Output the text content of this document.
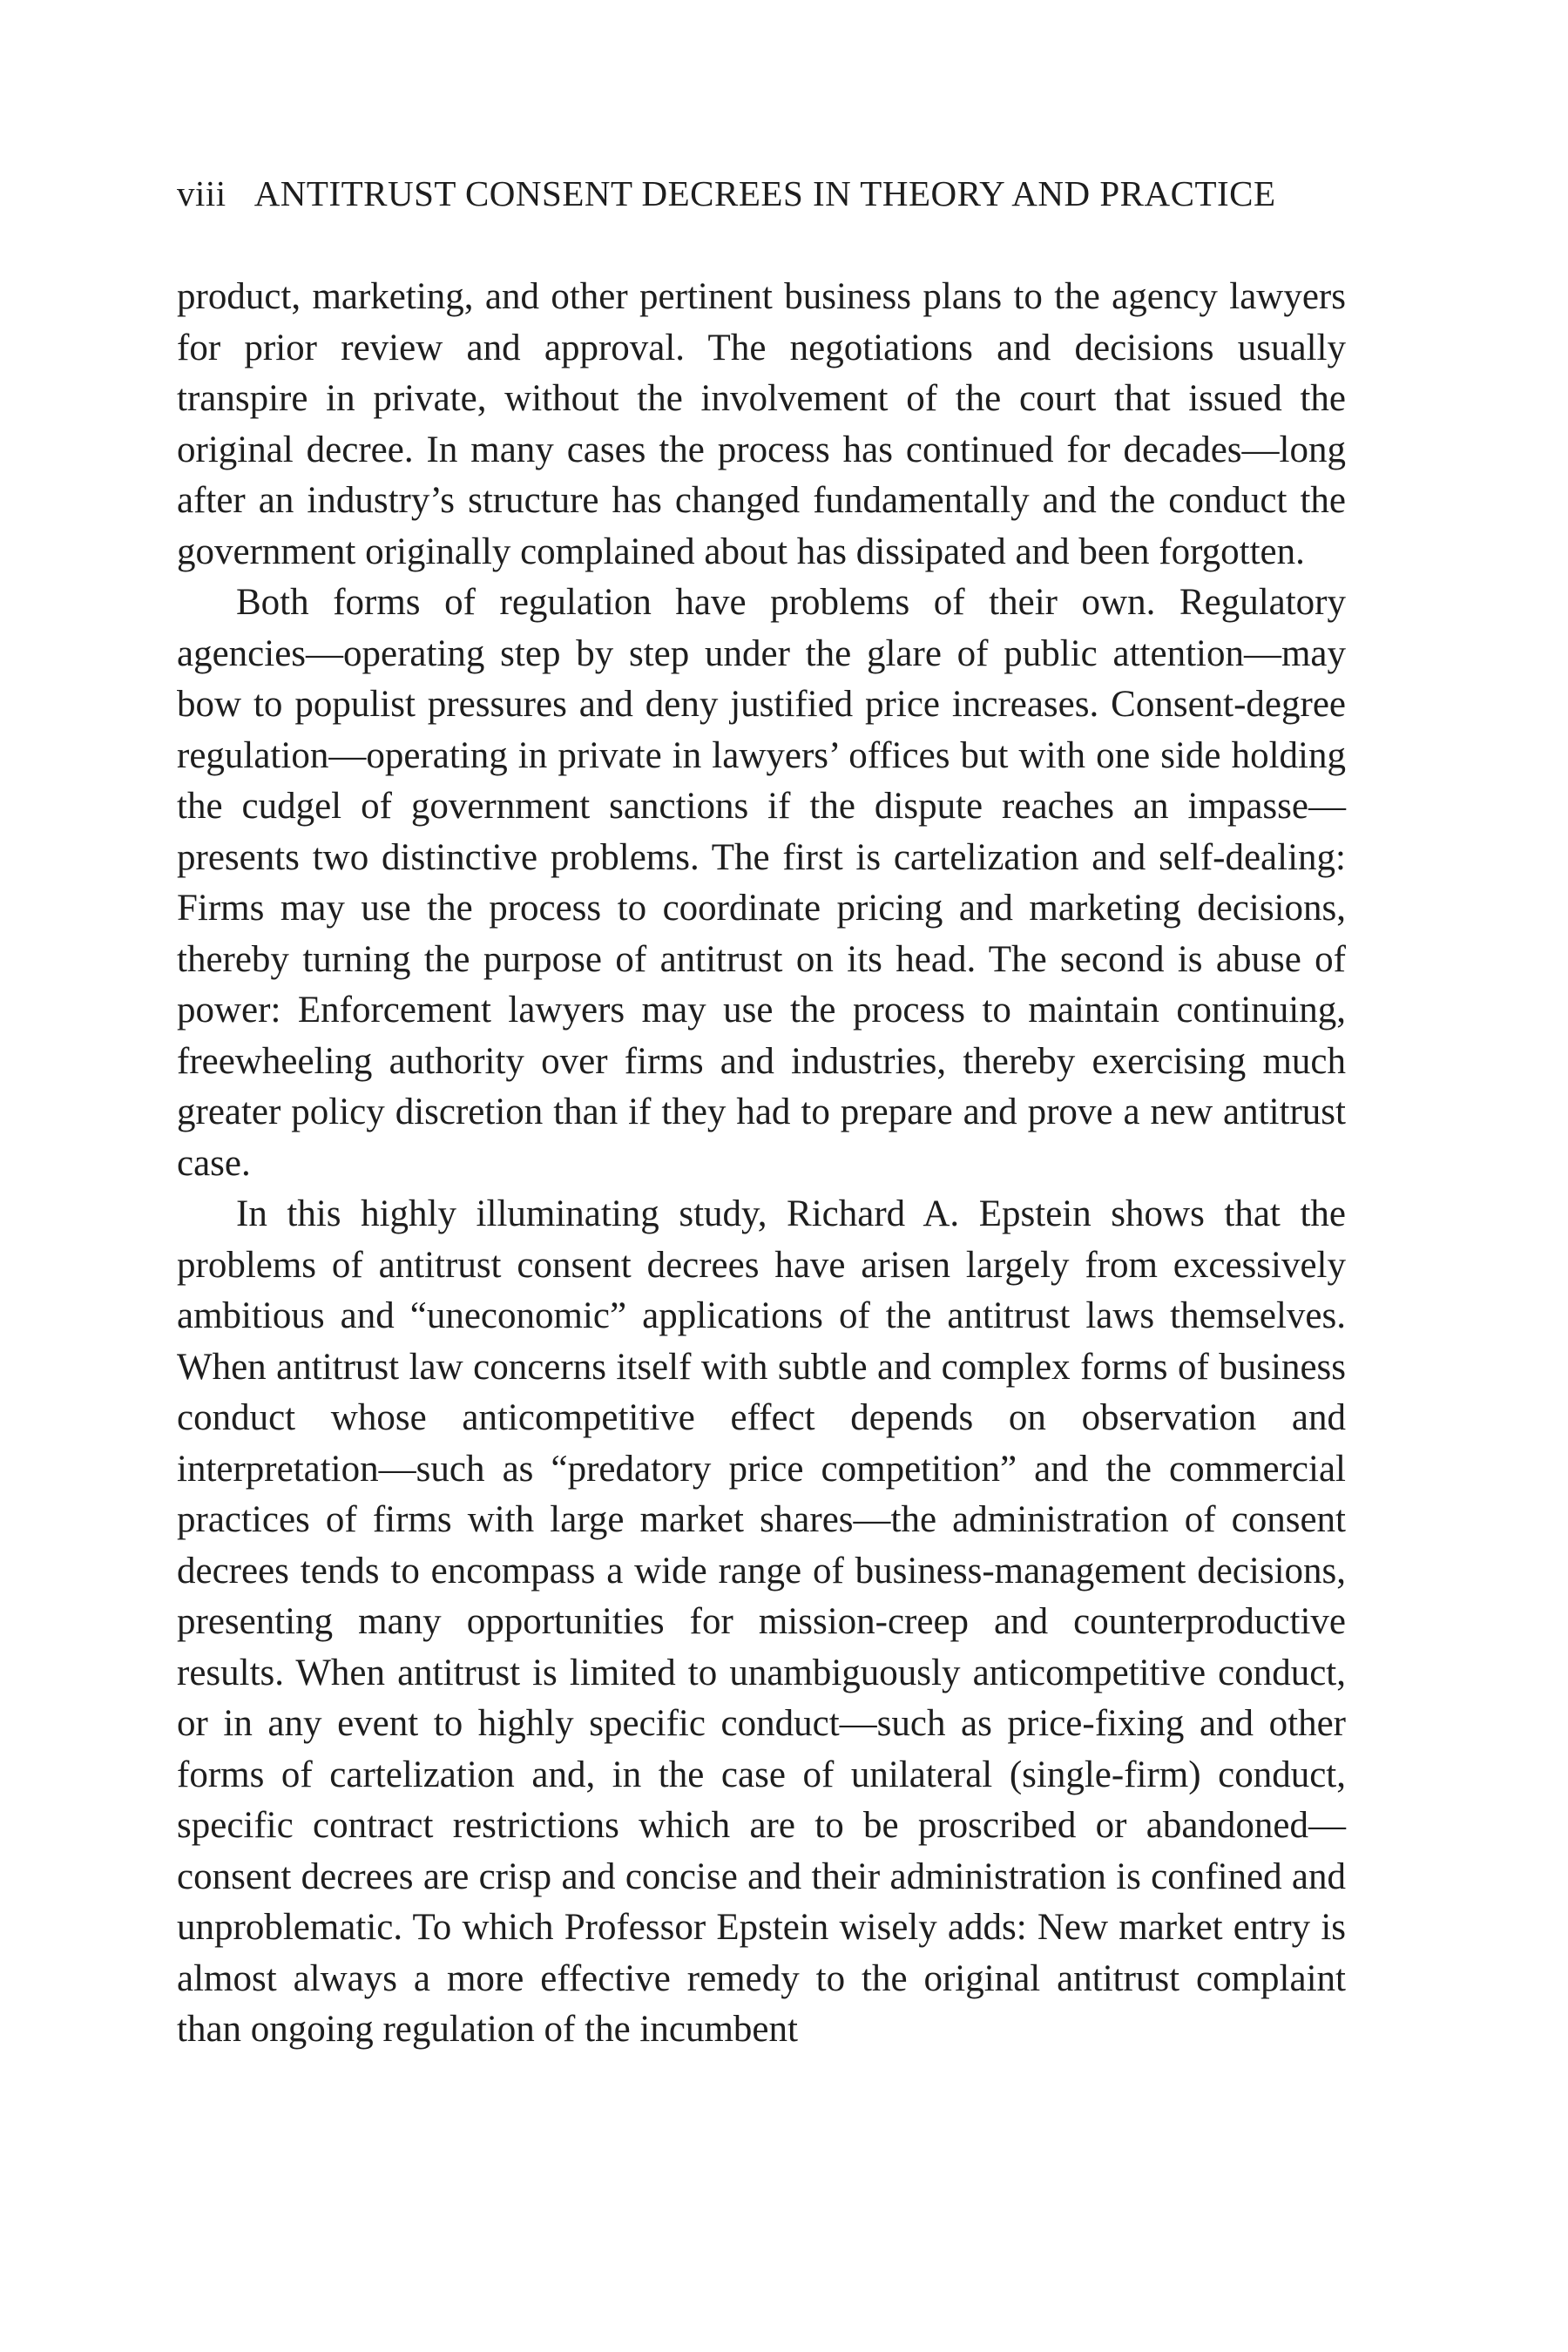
viii ANTITRUST CONSENT DECREES IN THEORY AND PRACTICE

product, marketing, and other pertinent business plans to the agency lawyers for prior review and approval. The negotiations and decisions usually transpire in private, without the involvement of the court that issued the original decree. In many cases the process has continued for decades—long after an industry’s structure has changed fundamentally and the conduct the government originally complained about has dissipated and been forgotten.

Both forms of regulation have problems of their own. Regulatory agencies—operating step by step under the glare of public attention—may bow to populist pressures and deny justified price increases. Consent-degree regulation—operating in private in lawyers’ offices but with one side holding the cudgel of government sanctions if the dispute reaches an impasse—presents two distinctive problems. The first is cartelization and self-dealing: Firms may use the process to coordinate pricing and marketing decisions, thereby turning the purpose of antitrust on its head. The second is abuse of power: Enforcement lawyers may use the process to maintain continuing, freewheeling authority over firms and industries, thereby exercising much greater policy discretion than if they had to prepare and prove a new antitrust case.

In this highly illuminating study, Richard A. Epstein shows that the problems of antitrust consent decrees have arisen largely from excessively ambitious and “uneconomic” applications of the antitrust laws themselves. When antitrust law concerns itself with subtle and complex forms of business conduct whose anticompetitive effect depends on observation and interpretation—such as “predatory price competition” and the commercial practices of firms with large market shares—the administration of consent decrees tends to encompass a wide range of business-management decisions, presenting many opportunities for mission-creep and counterproductive results. When antitrust is limited to unambiguously anticompetitive conduct, or in any event to highly specific conduct—such as price-fixing and other forms of cartelization and, in the case of unilateral (single-firm) conduct, specific contract restrictions which are to be proscribed or abandoned—consent decrees are crisp and concise and their administration is confined and unproblematic. To which Professor Epstein wisely adds: New market entry is almost always a more effective remedy to the original antitrust complaint than ongoing regulation of the incumbent
